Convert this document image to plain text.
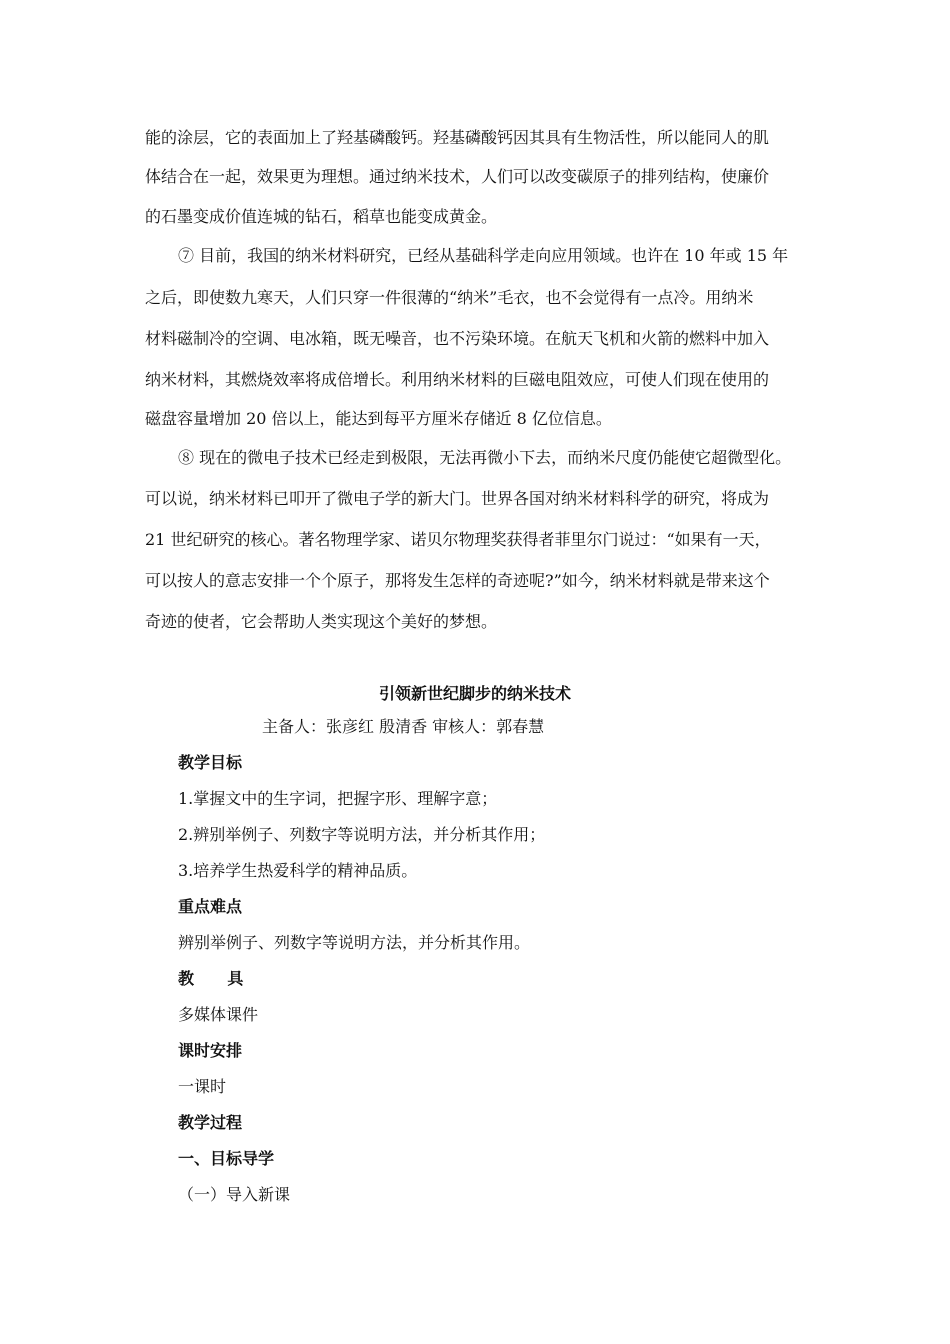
能的涂层，它的表面加上了羟基磷酸钙。羟基磷酸钙因其具有生物活性，所以能同人的肌
体结合在一起，效果更为理想。通过纳米技术，人们可以改变碳原子的排列结构，使廉价
的石墨变成价值连城的钻石，稻草也能变成黄金。
⑦ 目前，我国的纳米材料研究，已经从基础科学走向应用领域。也许在 10 年或 15 年
之后，即使数九寒天，人们只穿一件很薄的“纳米”毛衣，也不会觉得有一点冷。用纳米
材料磁制冷的空调、电冰箱，既无噪音，也不污染环境。在航天飞机和火箭的燃料中加入
纳米材料，其燃烧效率将成倍增长。利用纳米材料的巨磁电阻效应，可使人们现在使用的
磁盘容量增加 20 倍以上，能达到每平方厘米存储近 8 亿位信息。
⑧ 现在的微电子技术已经走到极限，无法再微小下去，而纳米尺度仍能使它超微型化。
可以说，纳米材料已叩开了微电子学的新大门。世界各国对纳米材料科学的研究，将成为
21 世纪研究的核心。著名物理学家、诺贝尔物理奖获得者菲里尔门说过：“如果有一天，
可以按人的意志安排一个个原子，那将发生怎样的奇迹呢?”如今，纳米材料就是带来这个
奇迹的使者，它会帮助人类实现这个美好的梦想。
引领新世纪脚步的纳米技术
主备人：张彦红 殷清香 审核人：郭春慧
教学目标
1.掌握文中的生字词，把握字形、理解字意；
2.辨别举例子、列数字等说明方法，并分析其作用；
3.培养学生热爱科学的精神品质。
重点难点
辨别举例子、列数字等说明方法，并分析其作用。
教      具
多媒体课件
课时安排
一课时
教学过程
一、目标导学
（一）导入新课
